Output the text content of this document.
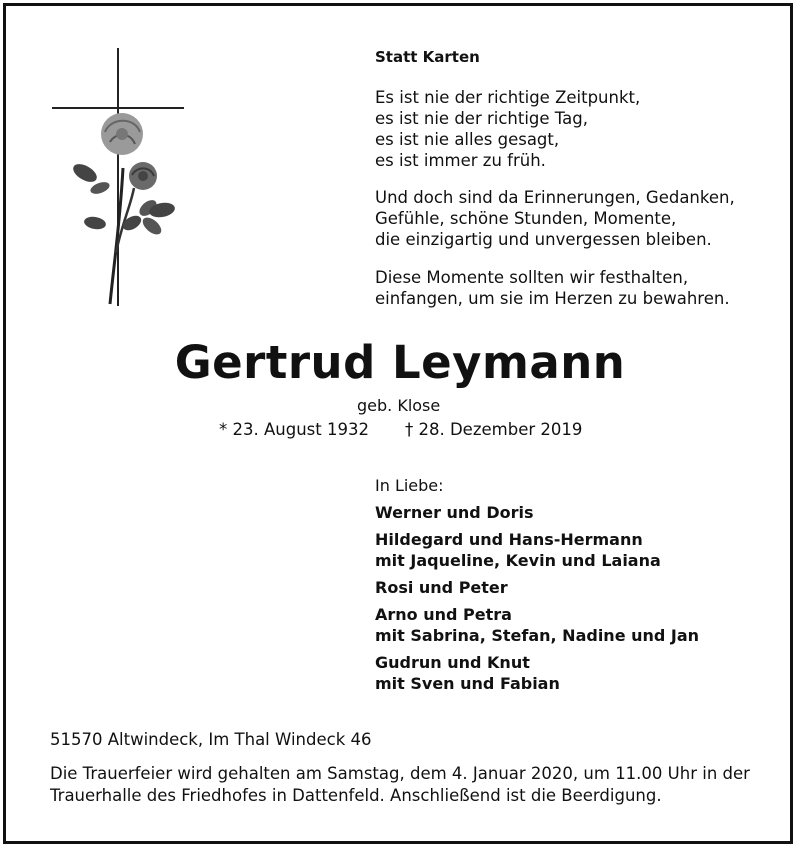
Statt Karten
Es ist nie der richtige Zeitpunkt,
es ist nie der richtige Tag,
es ist nie alles gesagt,
es ist immer zu früh.
Und doch sind da Erinnerungen, Gedanken,
Gefühle, schöne Stunden, Momente,
die einzigartig und unvergessen bleiben.
Diese Momente sollten wir festhalten,
einfangen, um sie im Herzen zu bewahren.
Gertrud Leymann
geb. Klose
* 23. August 1932 † 28. Dezember 2019
In Liebe:
Werner und Doris
Hildegard und Hans-Hermann
mit Jaqueline, Kevin und Laiana
Rosi und Peter
Arno und Petra
mit Sabrina, Stefan, Nadine und Jan
Gudrun und Knut
mit Sven und Fabian
51570 Altwindeck, Im Thal Windeck 46
Die Trauerfeier wird gehalten am Samstag, dem 4. Januar 2020, um 11.00 Uhr in der
Trauerhalle des Friedhofes in Dattenfeld. Anschließend ist die Beerdigung.
